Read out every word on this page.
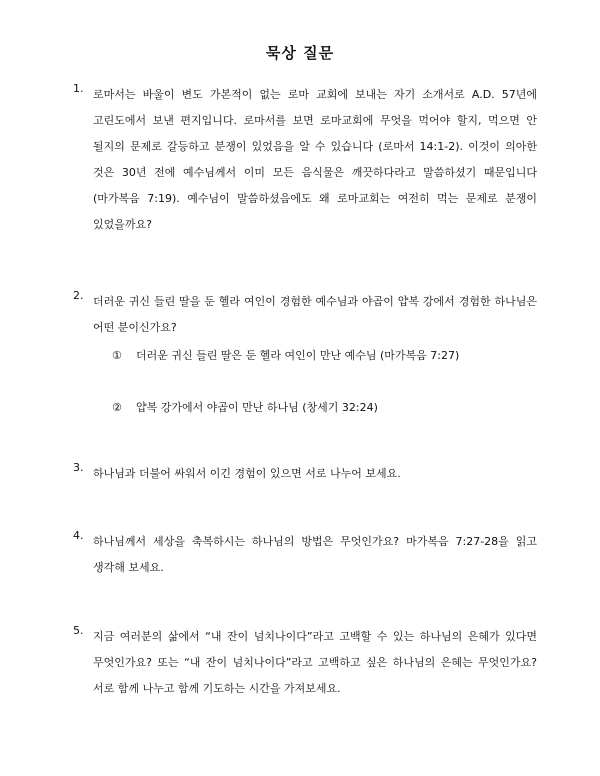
묵상 질문
1. 로마서는 바울이 변도 가본적이 없는 로마 교회에 보내는 자기 소개서로 A.D. 57년에 고린도에서 보낸 편지입니다. 로마서를 보면 로마교회에 무엇을 먹어야 할지, 먹으면 안 될지의 문제로 갈등하고 분쟁이 있었음을 알 수 있습니다 (로마서 14:1-2). 이것이 의아한 것은 30년 전에 예수님께서 이미 모든 음식물은 깨끗하다라고 말씀하셨기 때문입니다 (마가복음 7:19). 예수님이 말씀하셨음에도 왜 로마교회는 여전히 먹는 문제로 분쟁이 있었을까요?
2. 더러운 귀신 들린 딸을 둔 헬라 여인이 경험한 예수님과 야곱이 얍복 강에서 경험한 하나님은 어떤 분이신가요?
① 더러운 귀신 들린 딸은 둔 헬라 여인이 만난 예수님 (마가복음 7:27)
② 얍복 강가에서 야곱이 만난 하나님 (창세기 32:24)
3. 하나님과 더불어 싸워서 이긴 경험이 있으면 서로 나누어 보세요.
4. 하나님께서 세상을 축복하시는 하나님의 방법은 무엇인가요? 마가복음 7:27-28을 읽고 생각해 보세요.
5. 지금 여러분의 삶에서 “내 잔이 넘치나이다”라고 고백할 수 있는 하나님의 은혜가 있다면 무엇인가요? 또는 “내 잔이 넘치나이다”라고 고백하고 싶은 하나님의 은혜는 무엇인가요? 서로 함께 나누고 함께 기도하는 시간을 가져보세요.
